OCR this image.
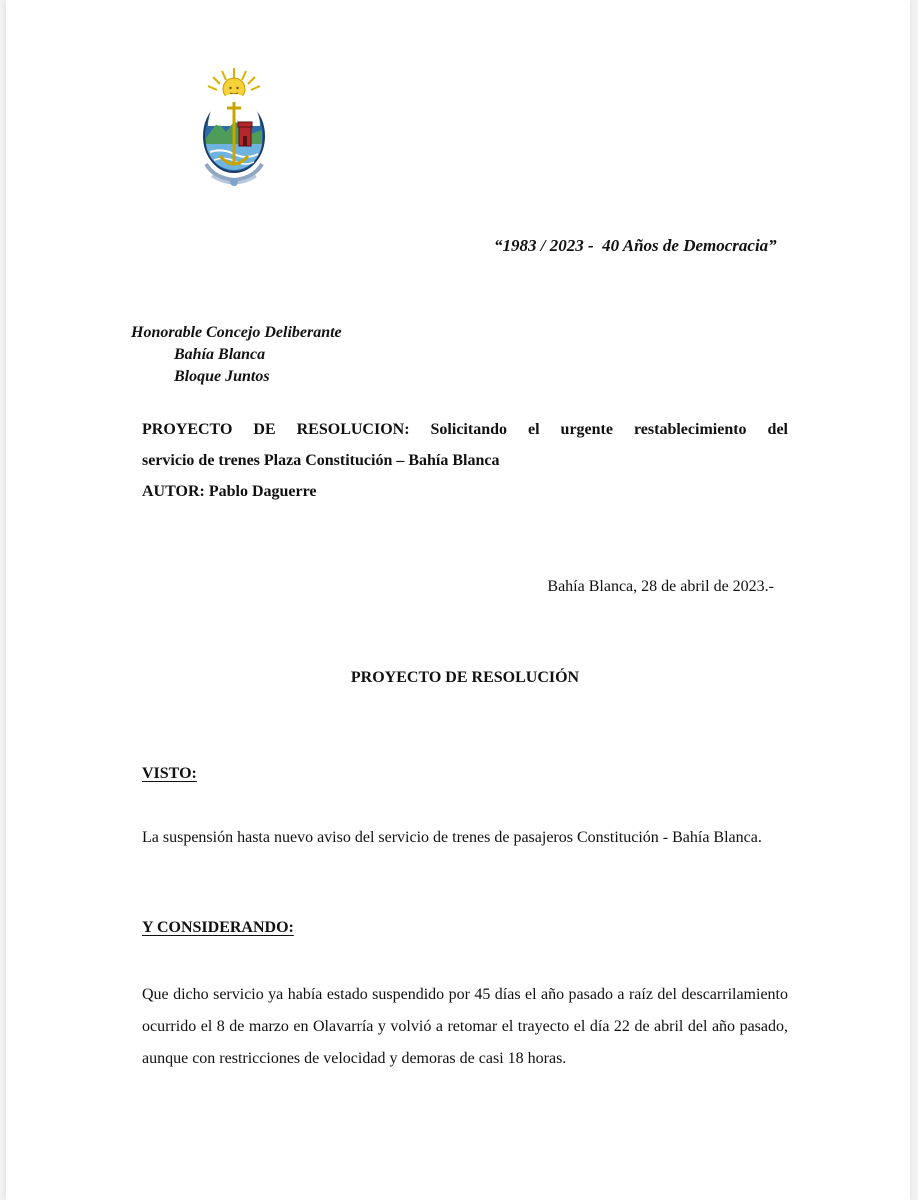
“1983 / 2023 -  40 Años de Democracia”
Honorable Concejo Deliberante
Bahía Blanca
Bloque Juntos
PROYECTO DE RESOLUCION: Solicitando el urgente restablecimiento del
servicio de trenes Plaza Constitución – Bahía Blanca
AUTOR: Pablo Daguerre
Bahía Blanca, 28 de abril de 2023.-
PROYECTO DE RESOLUCIÓN
VISTO:
La suspensión hasta nuevo aviso del servicio de trenes de pasajeros Constitución - Bahía Blanca.
Y CONSIDERANDO:
Que dicho servicio ya había estado suspendido por 45 días el año pasado a raíz del descarrilamiento ocurrido el 8 de marzo en Olavarría y volvió a retomar el trayecto el día 22 de abril del año pasado, aunque con restricciones de velocidad y demoras de casi 18 horas.
